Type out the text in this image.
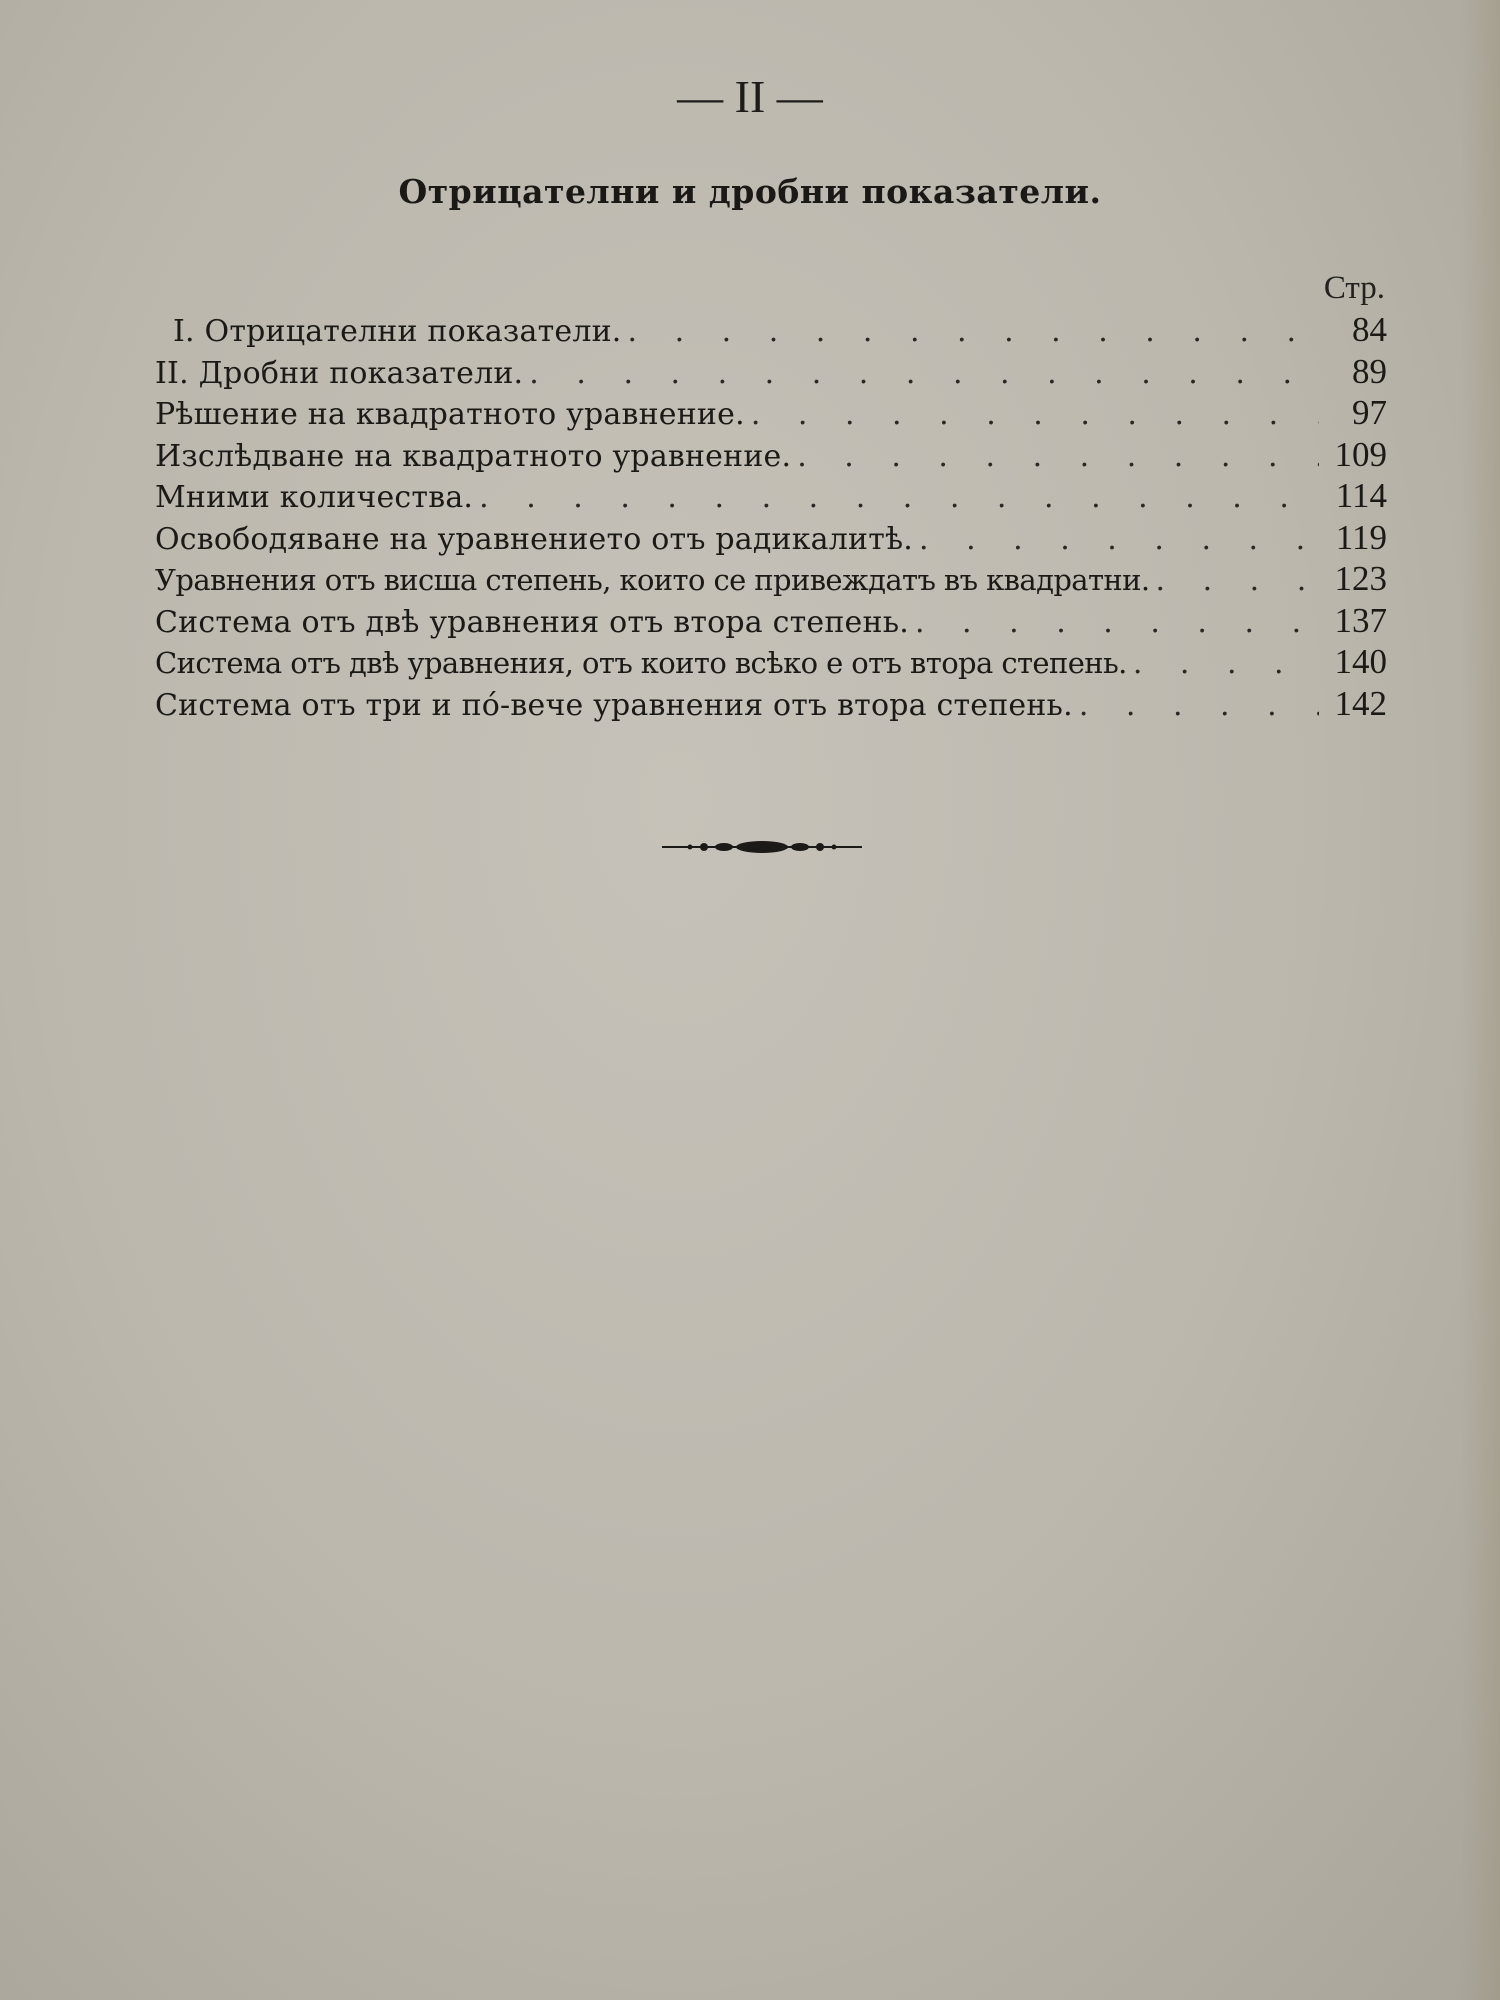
— II —
Отрицателни и дробни показатели.
Стр.
I. Отрицателни показатели. . . .	84
II. Дробни показатели. . . .	89
Рѣшение на квадратното уравнение. . . .	97
Изслѣдване на квадратното уравнение. . . .	109
Мними количества. . . .	114
Освободяване на уравнението отъ радикалитѣ. . . .	119
Уравнения отъ висша степень, които се привеждатъ въ квадратни. . . .	123
Система отъ двѣ уравнения отъ втора степень. . . .	137
Система отъ двѣ уравнения, отъ които всѣко е отъ втора степень. . . .	140
Система отъ три и по́-вече уравнения отъ втора степень. . . .	142
